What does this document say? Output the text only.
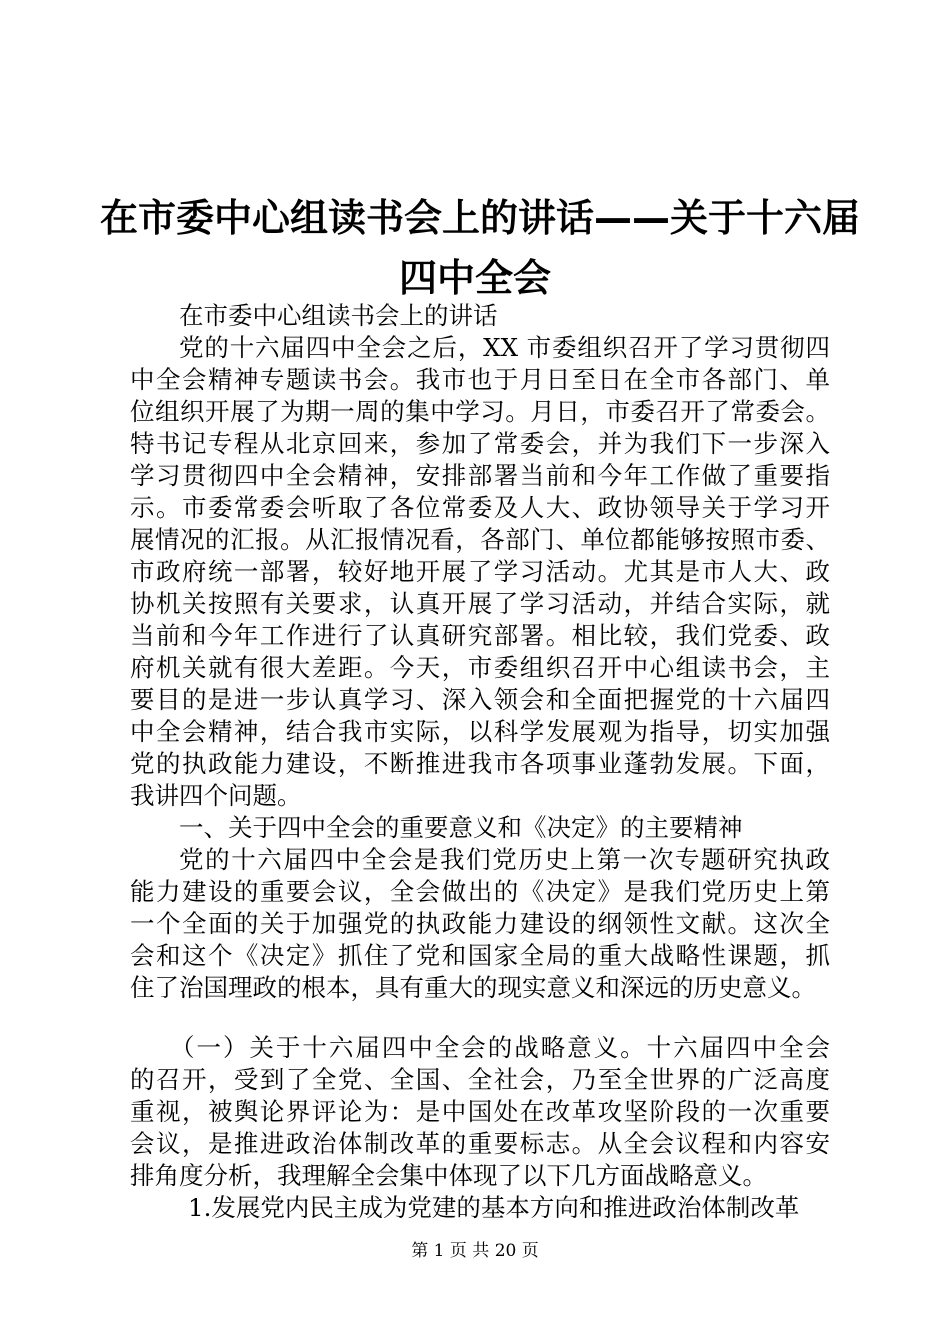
在市委中心组读书会上的讲话——关于十六届
四中全会
在市委中心组读书会上的讲话
党的十六届四中全会之后，XX 市委组织召开了学习贯彻四
中全会精神专题读书会。我市也于月日至日在全市各部门、单
位组织开展了为期一周的集中学习。月日，市委召开了常委会。
特书记专程从北京回来，参加了常委会，并为我们下一步深入
学习贯彻四中全会精神，安排部署当前和今年工作做了重要指
示。市委常委会听取了各位常委及人大、政协领导关于学习开
展情况的汇报。从汇报情况看，各部门、单位都能够按照市委、
市政府统一部署，较好地开展了学习活动。尤其是市人大、政
协机关按照有关要求，认真开展了学习活动，并结合实际，就
当前和今年工作进行了认真研究部署。相比较，我们党委、政
府机关就有很大差距。今天，市委组织召开中心组读书会，主
要目的是进一步认真学习、深入领会和全面把握党的十六届四
中全会精神，结合我市实际，以科学发展观为指导，切实加强
党的执政能力建设，不断推进我市各项事业蓬勃发展。下面，
我讲四个问题。
一、关于四中全会的重要意义和《决定》的主要精神
党的十六届四中全会是我们党历史上第一次专题研究执政
能力建设的重要会议，全会做出的《决定》是我们党历史上第
一个全面的关于加强党的执政能力建设的纲领性文献。这次全
会和这个《决定》抓住了党和国家全局的重大战略性课题，抓
住了治国理政的根本，具有重大的现实意义和深远的历史意义。
（一）关于十六届四中全会的战略意义。十六届四中全会
的召开，受到了全党、全国、全社会，乃至全世界的广泛高度
重视，被舆论界评论为：是中国处在改革攻坚阶段的一次重要
会议，是推进政治体制改革的重要标志。从全会议程和内容安
排角度分析，我理解全会集中体现了以下几方面战略意义。
1.发展党内民主成为党建的基本方向和推进政治体制改革
第 1 页 共 20 页
